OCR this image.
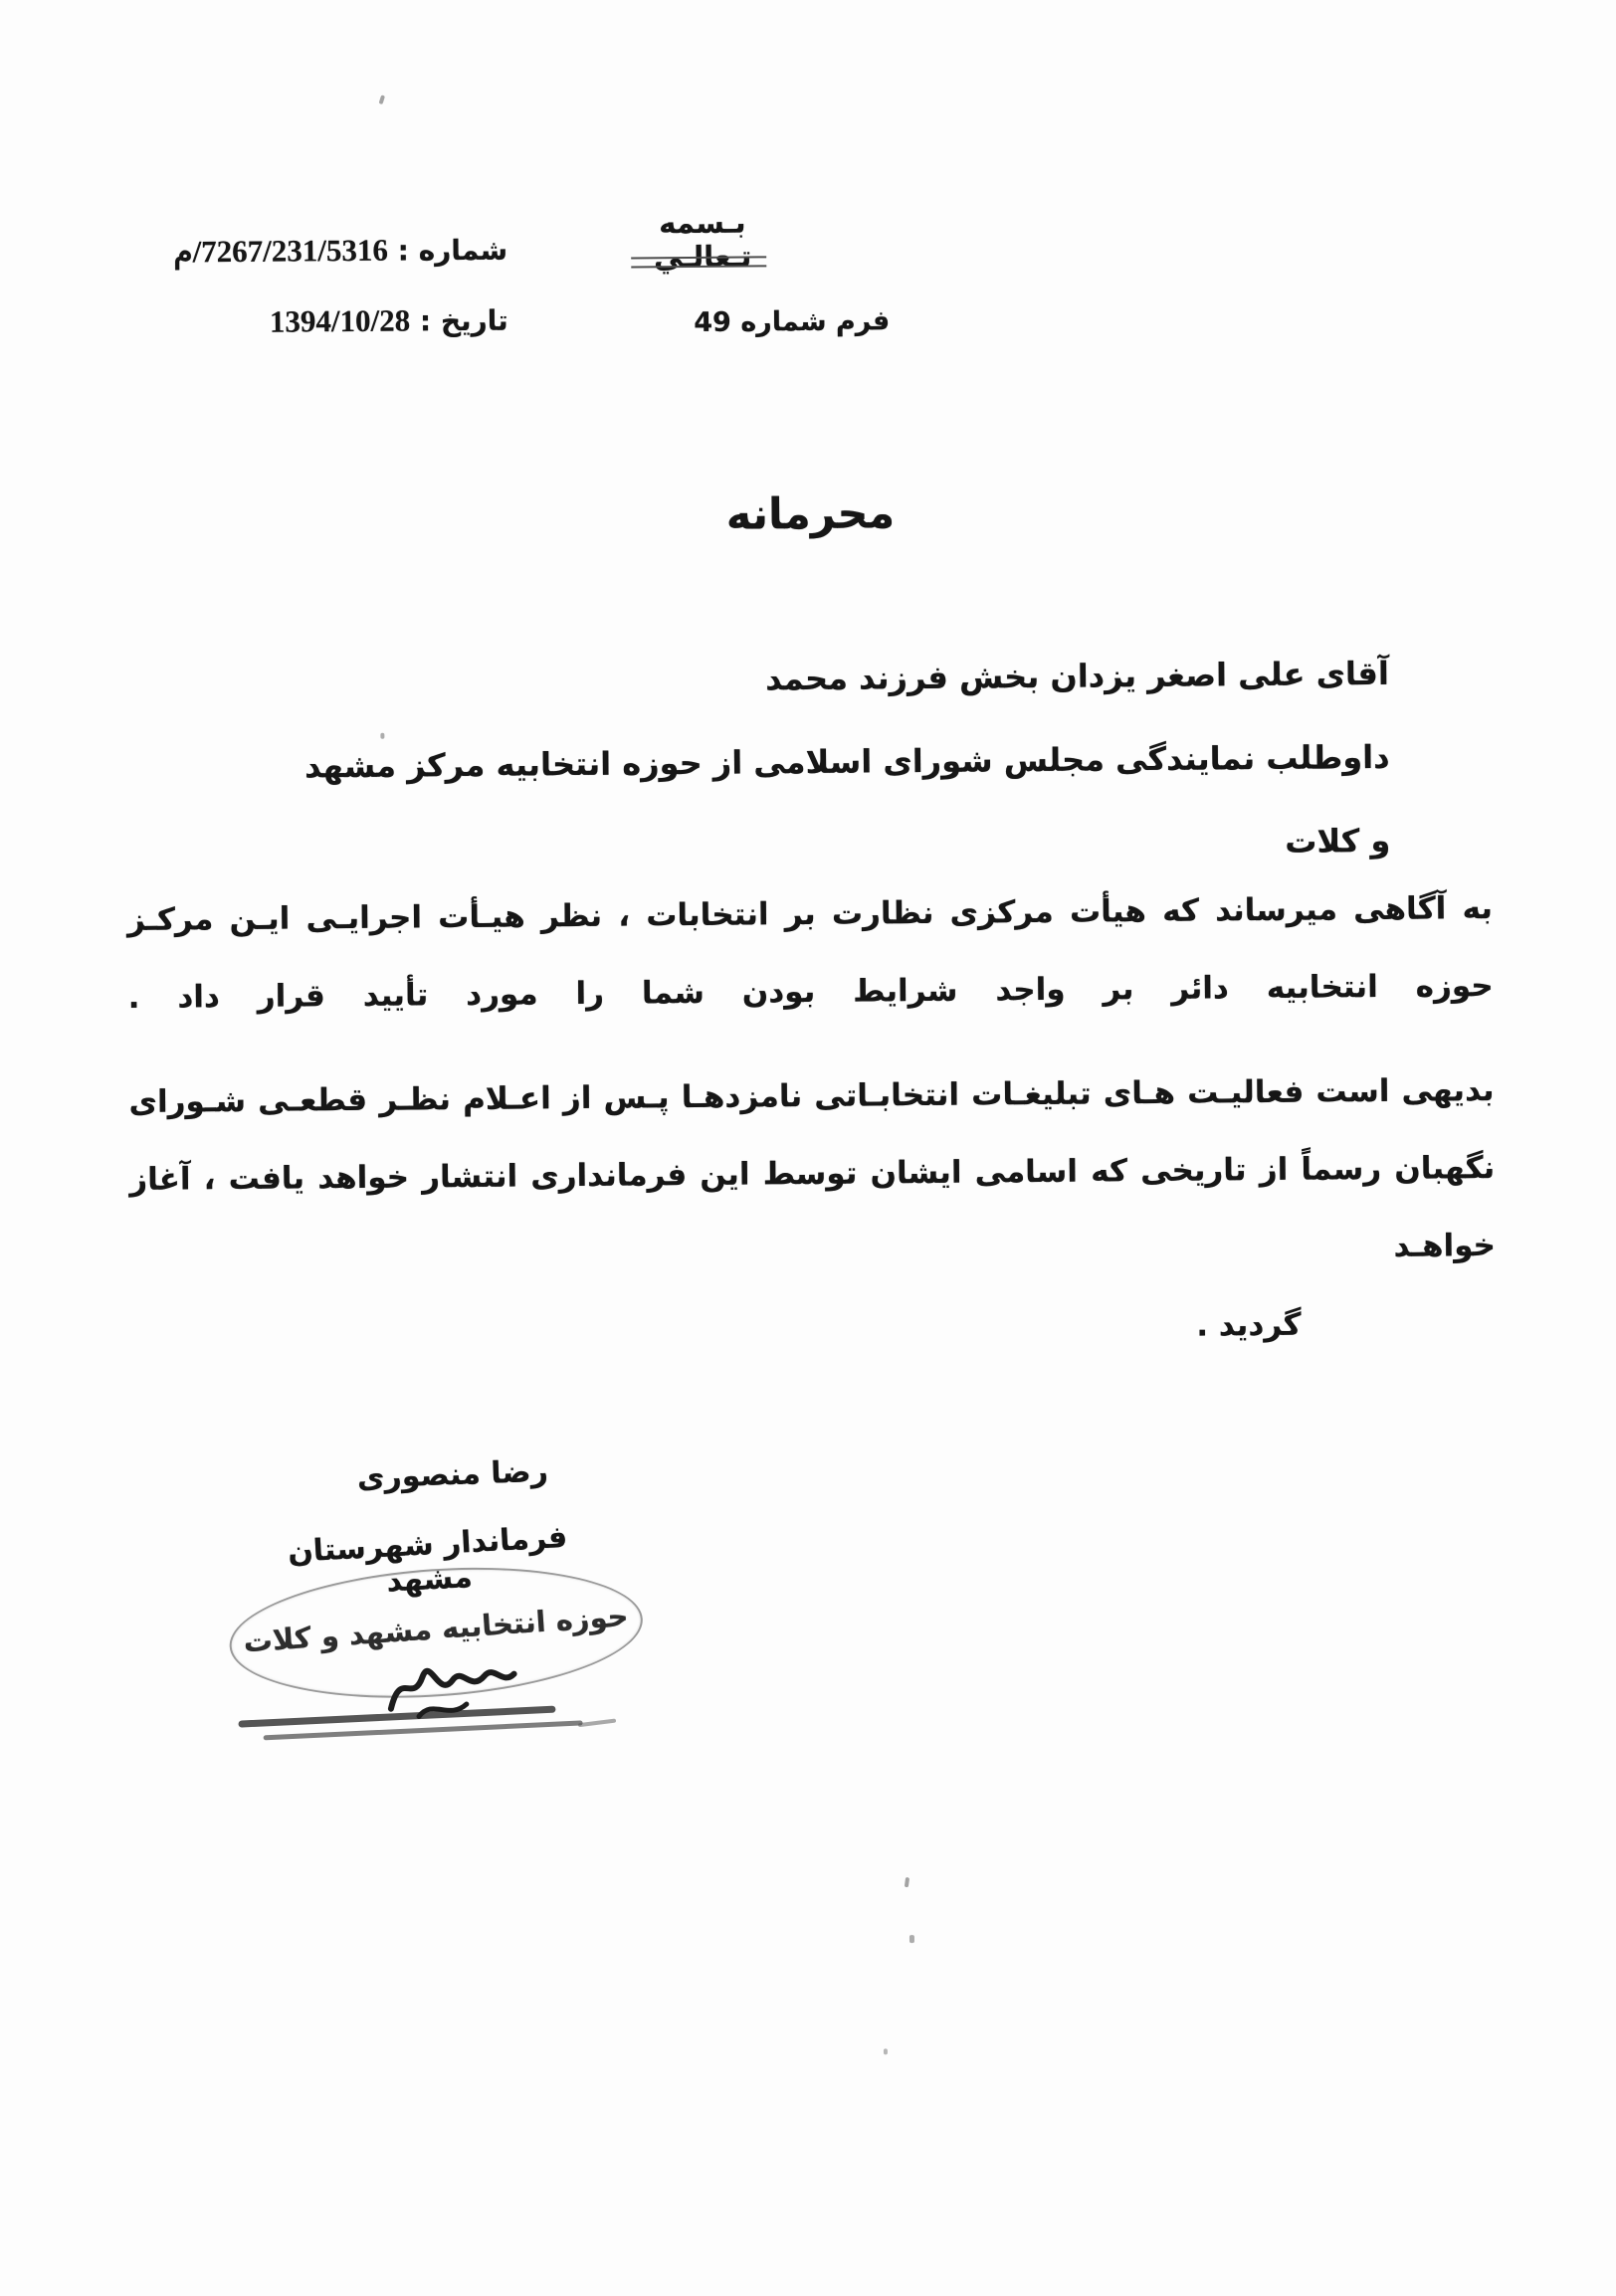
بـسمه تـعالـي
فرم شماره 49
شماره : 7267/231/5316/م
تاریخ : 1394/10/28
محرمانه
آقای علی اصغر یزدان بخش فرزند محمد
داوطلب نمایندگی مجلس شورای اسلامی از حوزه انتخابیه مرکز مشهد و کلات
به آگاهی میرساند که هیأت مرکزی نظارت بر انتخابات ، نظر هیـأت اجرایـی ایـن مرکـز
حوزه انتخابیه دائر بر واجد شرایط بودن شما را مورد تأیید قرار داد .
بدیهی است فعالیـت هـای تبلیغـات انتخابـاتی نامزدهـا پـس از اعـلام نظـر قطعـی شـورای
نگهبان رسماً از تاریخی که اسامی ایشان توسط این فرمانداری انتشار خواهد یافت ، آغاز خواهـد
گردید .
رضا منصوری
فرماندار شهرستان مشهد
حوزه انتخابیه مشهد و کلات
